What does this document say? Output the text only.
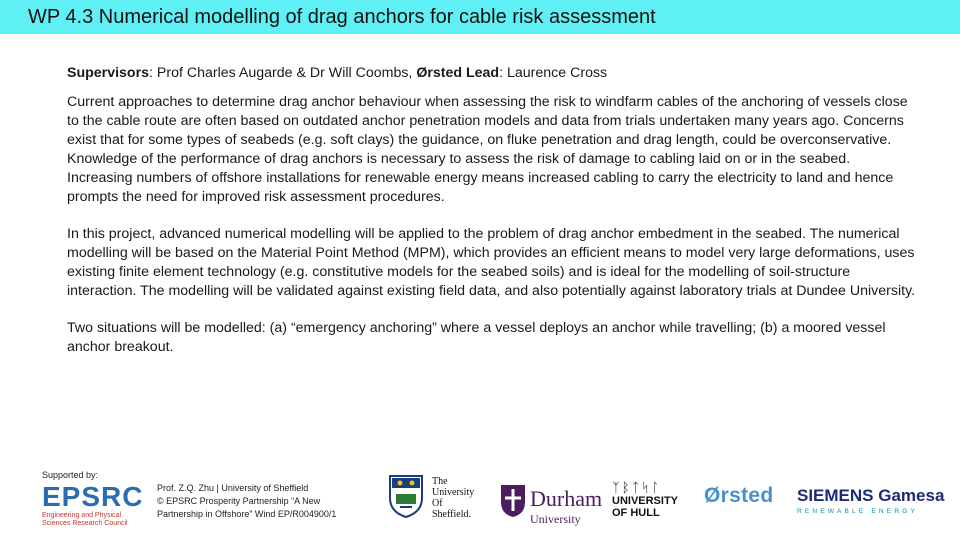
WP 4.3 Numerical modelling of drag anchors for cable risk assessment

Supervisors: Prof Charles Augarde & Dr Will Coombs, Ørsted Lead: Laurence Cross

Current approaches to determine drag anchor behaviour when assessing the risk to windfarm cables of the anchoring of vessels close to the cable route are often based on outdated anchor penetration models and data from trials undertaken many years ago. Concerns exist that for some types of seabeds (e.g. soft clays) the guidance, on fluke penetration and drag length, could be overconservative. Knowledge of the performance of drag anchors is necessary to assess the risk of damage to cabling laid on or in the seabed. Increasing numbers of offshore installations for renewable energy means increased cabling to carry the electricity to land and hence prompts the need for improved risk assessment procedures.

In this project, advanced numerical modelling will be applied to the problem of drag anchor embedment in the seabed. The numerical modelling will be based on the Material Point Method (MPM), which provides an efficient means to model very large deformations, uses existing finite element technology (e.g. constitutive models for the seabed soils) and is ideal for the modelling of soil-structure interaction. The modelling will be validated against existing field data, and also potentially against laboratory trials at Dundee University.

Two situations will be modelled: (a) “emergency anchoring” where a vessel deploys an anchor while travelling; (b) a moored vessel anchor breakout.

Supported by:
EPSRC
Engineering and Physical Sciences Research Council
Prof. Z.Q. Zhu | University of Sheffield
© EPSRC Prosperity Partnership “A New
Partnership in Offshore” Wind EP/R004900/1
The
University
Of
Sheffield.
Durham
University
ᛉᛒᛏᛋᛚ
UNIVERSITY
OF HULL
Ørsted SIEMENS Gamesa
RENEWABLE ENERGY
